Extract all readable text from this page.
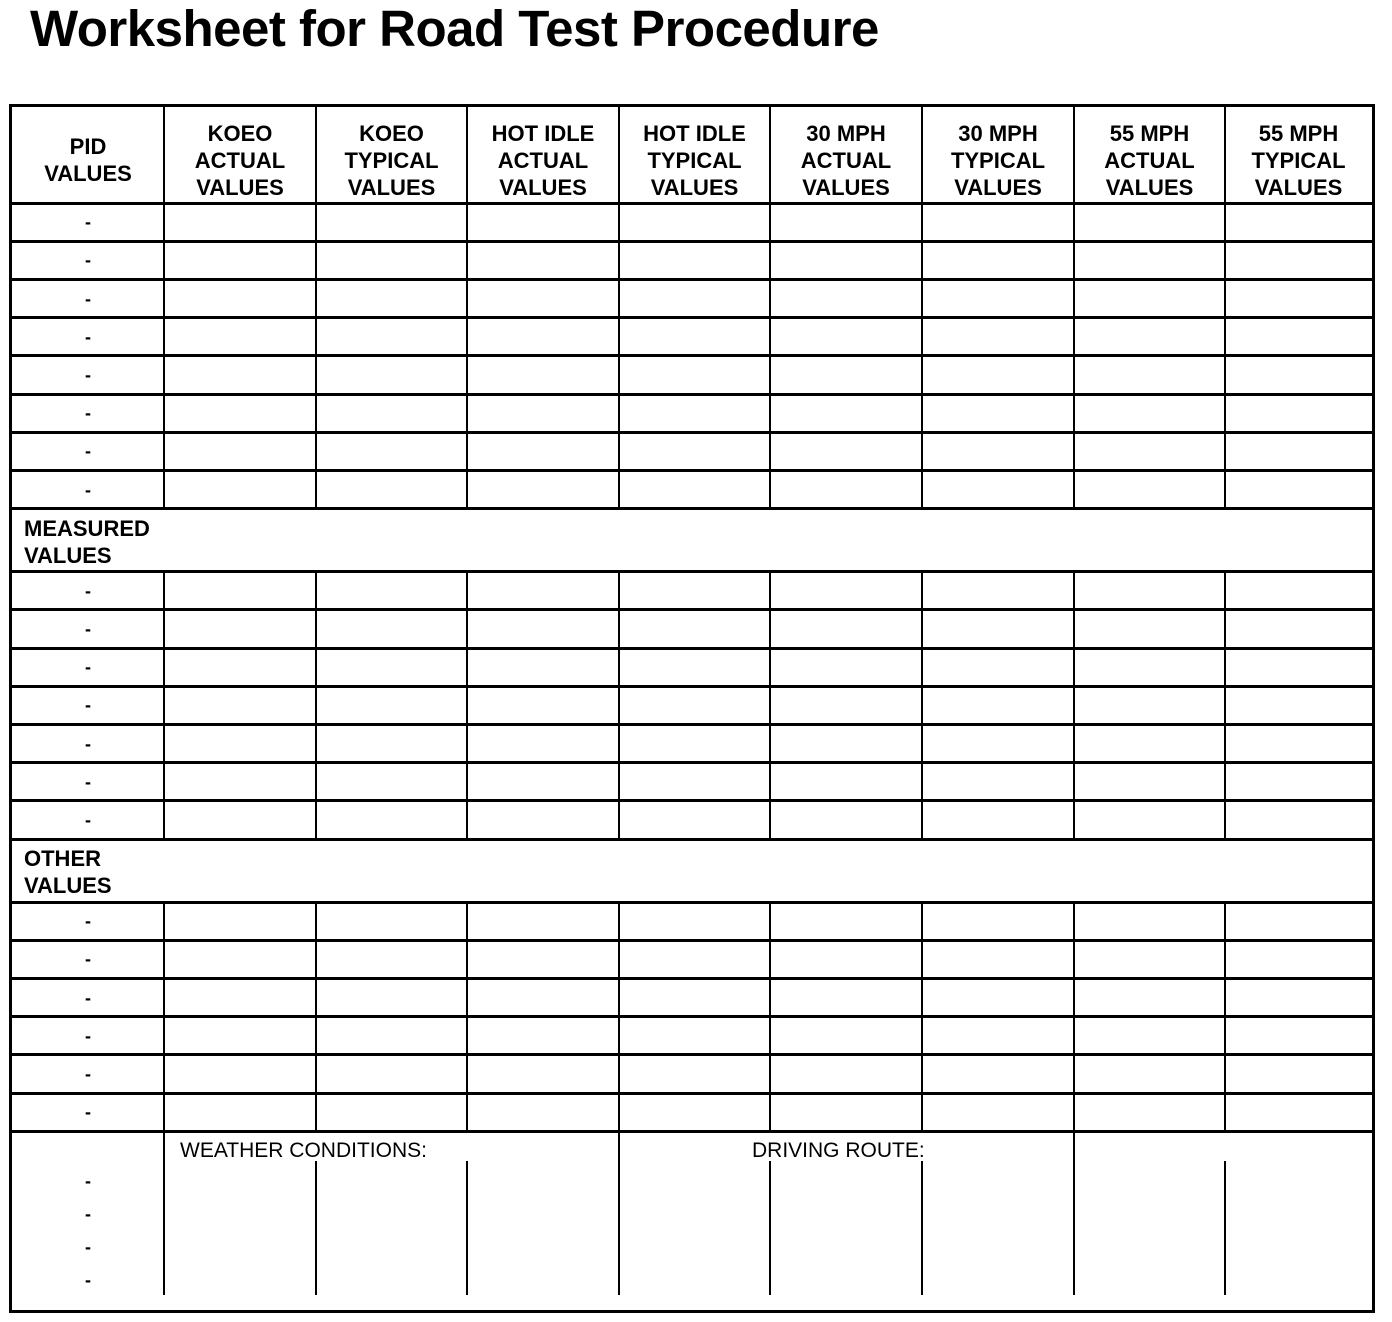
Worksheet for Road Test Procedure
PID
VALUES
KOEO
ACTUAL
VALUES
KOEO
TYPICAL
VALUES
HOT IDLE
ACTUAL
VALUES
HOT IDLE
TYPICAL
VALUES
30 MPH
ACTUAL
VALUES
30 MPH
TYPICAL
VALUES
55 MPH
ACTUAL
VALUES
55 MPH
TYPICAL
VALUES
-
-
-
-
-
-
-
-
MEASURED
VALUES
-
-
-
-
-
-
-
OTHER
VALUES
-
-
-
-
-
-
WEATHER CONDITIONS:	DRIVING ROUTE:
-
-
-
-
